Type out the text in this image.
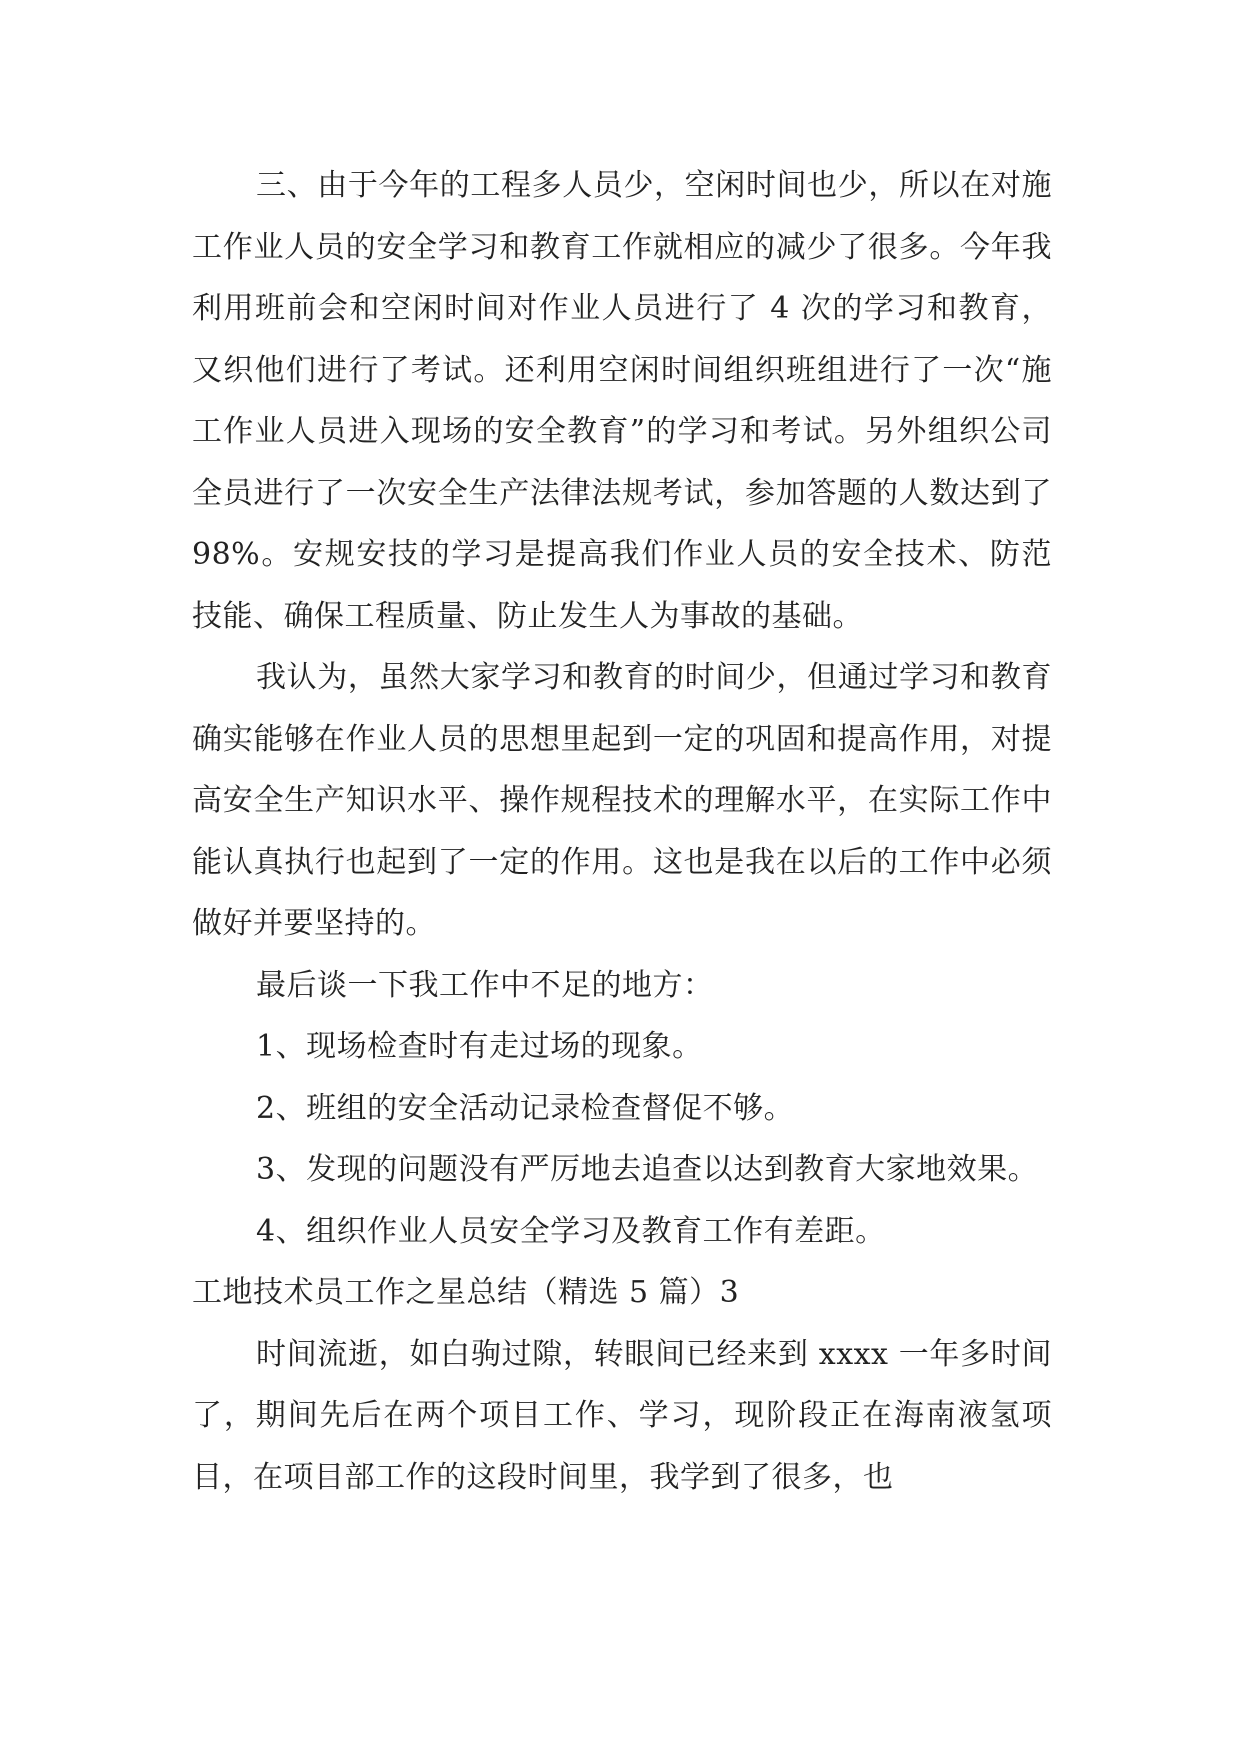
三、由于今年的工程多人员少，空闲时间也少，所以在对施工作业人员的安全学习和教育工作就相应的减少了很多。今年我利用班前会和空闲时间对作业人员进行了 4 次的学习和教育，又织他们进行了考试。还利用空闲时间组织班组进行了一次“施工作业人员进入现场的安全教育”的学习和考试。另外组织公司全员进行了一次安全生产法律法规考试，参加答题的人数达到了 98%。安规安技的学习是提高我们作业人员的安全技术、防范技能、确保工程质量、防止发生人为事故的基础。

我认为，虽然大家学习和教育的时间少，但通过学习和教育确实能够在作业人员的思想里起到一定的巩固和提高作用，对提高安全生产知识水平、操作规程技术的理解水平，在实际工作中能认真执行也起到了一定的作用。这也是我在以后的工作中必须做好并要坚持的。

最后谈一下我工作中不足的地方：

1、现场检查时有走过场的现象。

2、班组的安全活动记录检查督促不够。

3、发现的问题没有严厉地去追查以达到教育大家地效果。

4、组织作业人员安全学习及教育工作有差距。

工地技术员工作之星总结（精选 5 篇）3

时间流逝，如白驹过隙，转眼间已经来到 xxxx 一年多时间了，期间先后在两个项目工作、学习，现阶段正在海南液氢项目，在项目部工作的这段时间里，我学到了很多，也
